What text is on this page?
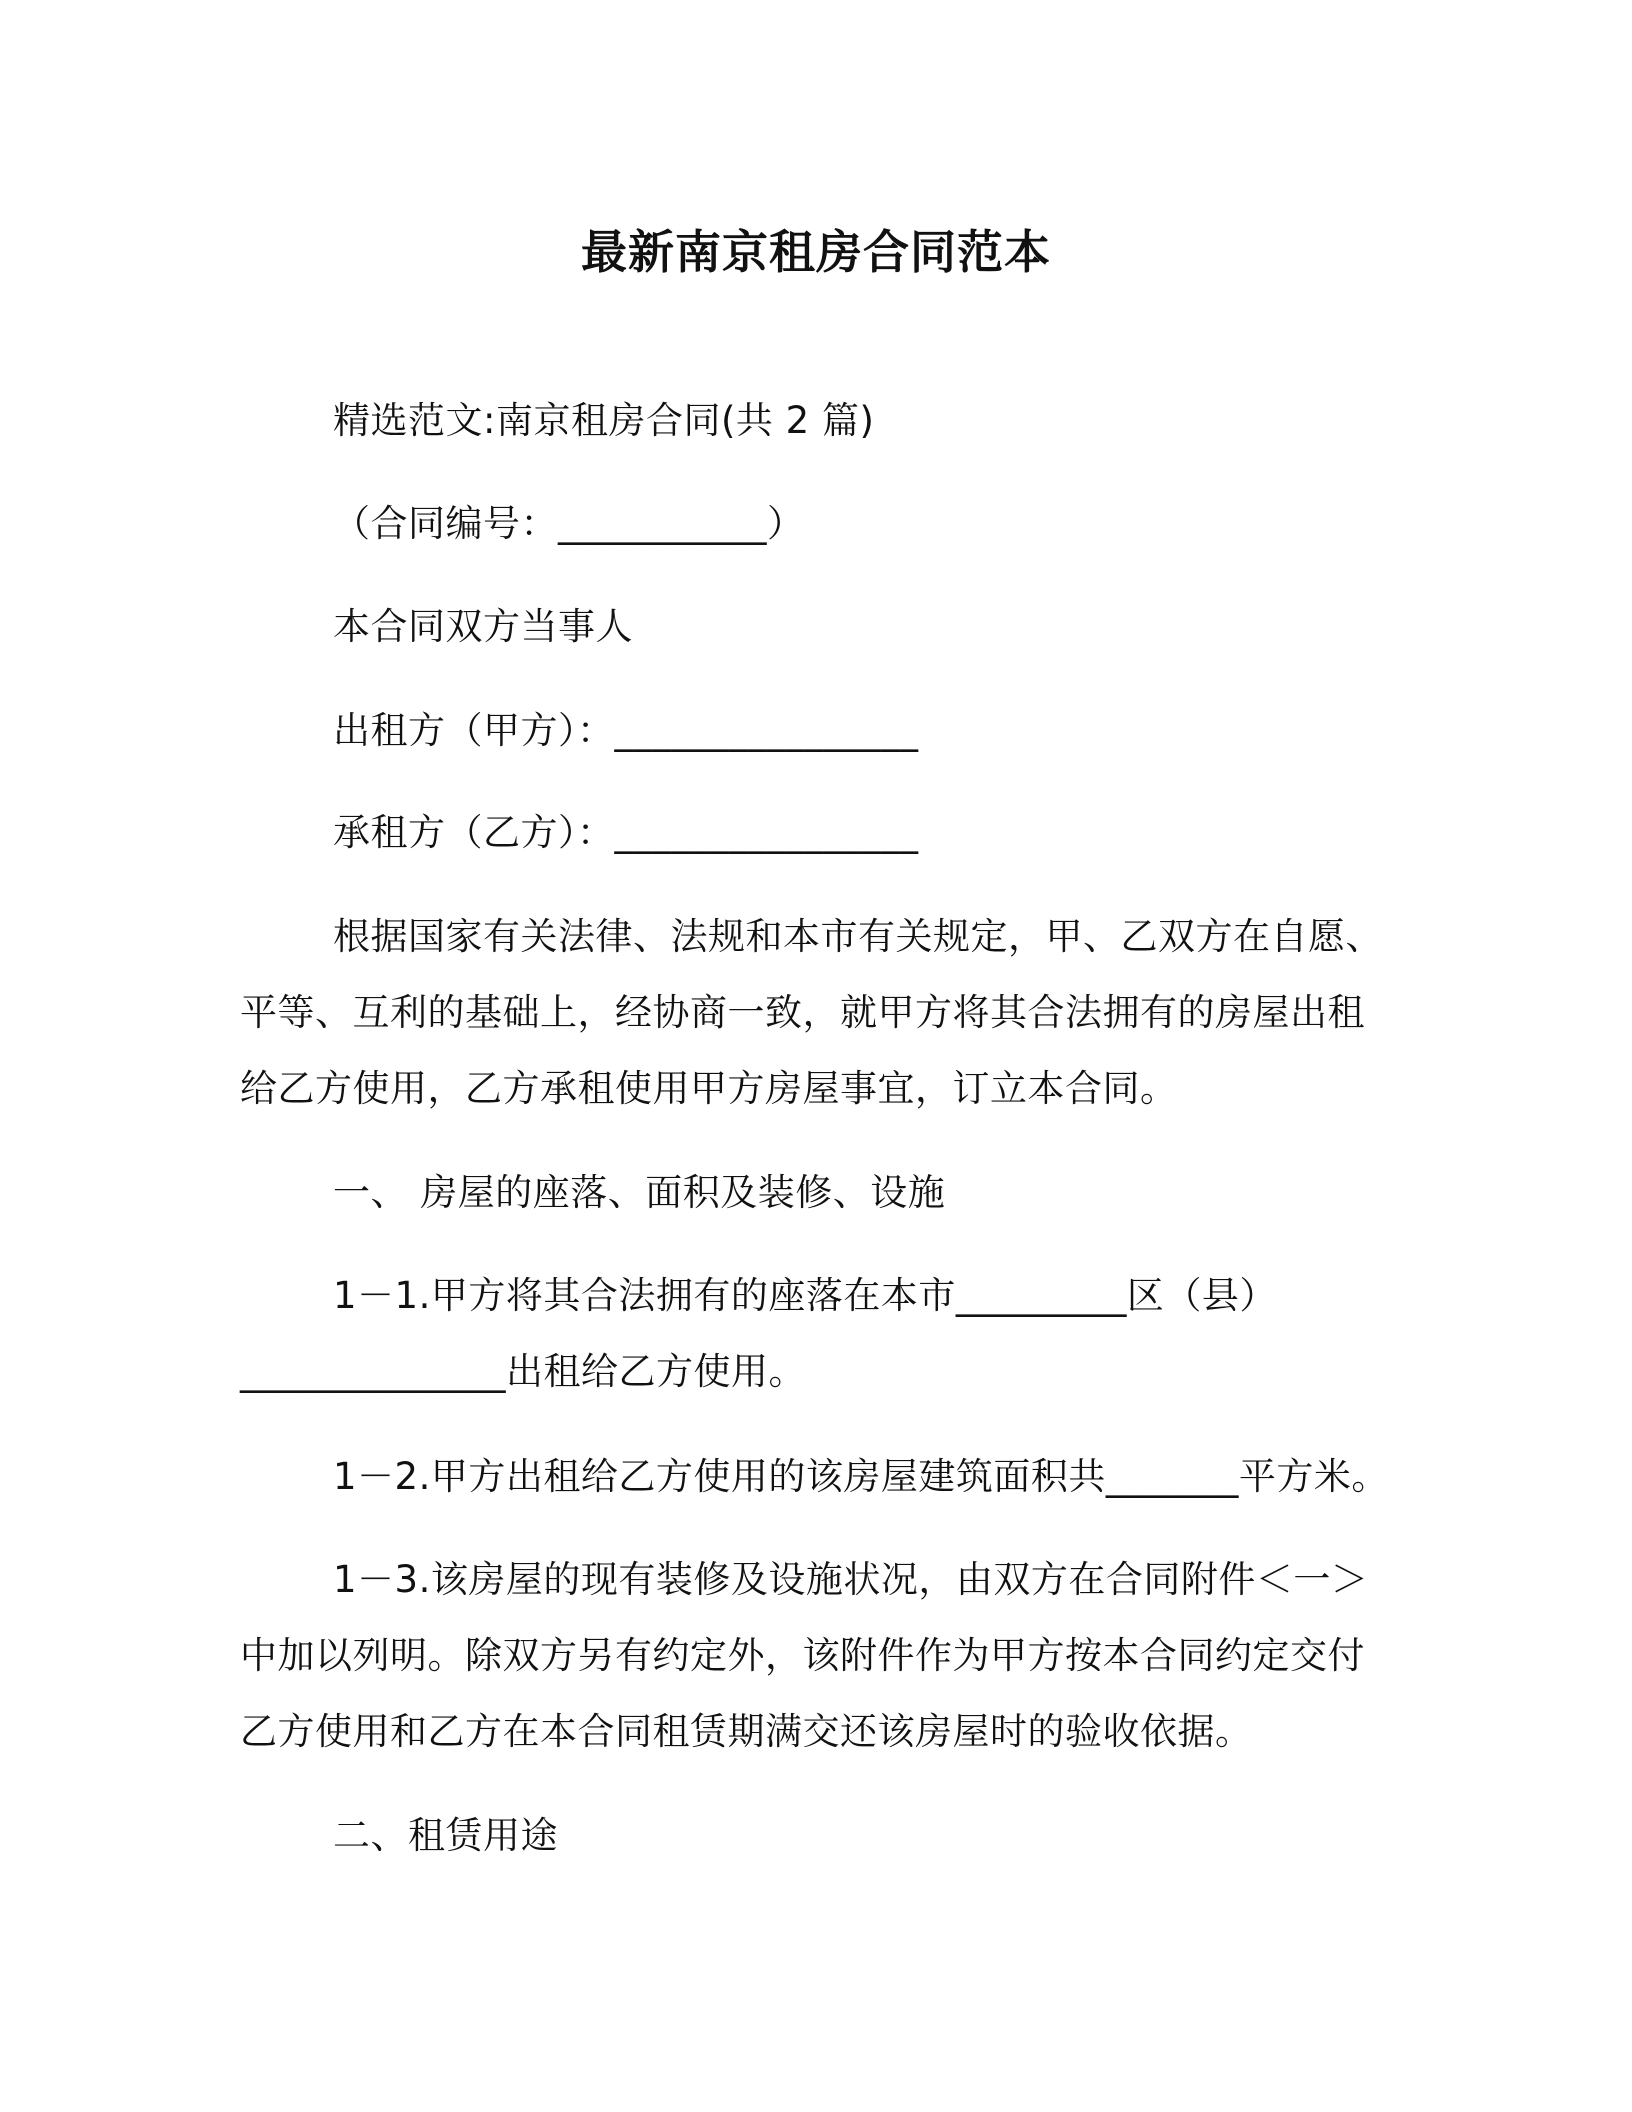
最新南京租房合同范本
精选范文:南京租房合同(共 2 篇)
（合同编号：___________）
本合同双方当事人
出租方（甲方）：________________
承租方（乙方）：________________
根据国家有关法律、法规和本市有关规定，甲、乙双方在自愿、
平等、互利的基础上，经协商一致，就甲方将其合法拥有的房屋出租
给乙方使用，乙方承租使用甲方房屋事宜，订立本合同。
一、 房屋的座落、面积及装修、设施
1－1.甲方将其合法拥有的座落在本市_________区（县）
______________出租给乙方使用。
1－2.甲方出租给乙方使用的该房屋建筑面积共_______平方米。
1－3.该房屋的现有装修及设施状况，由双方在合同附件＜一＞
中加以列明。除双方另有约定外，该附件作为甲方按本合同约定交付
乙方使用和乙方在本合同租赁期满交还该房屋时的验收依据。
二、租赁用途
